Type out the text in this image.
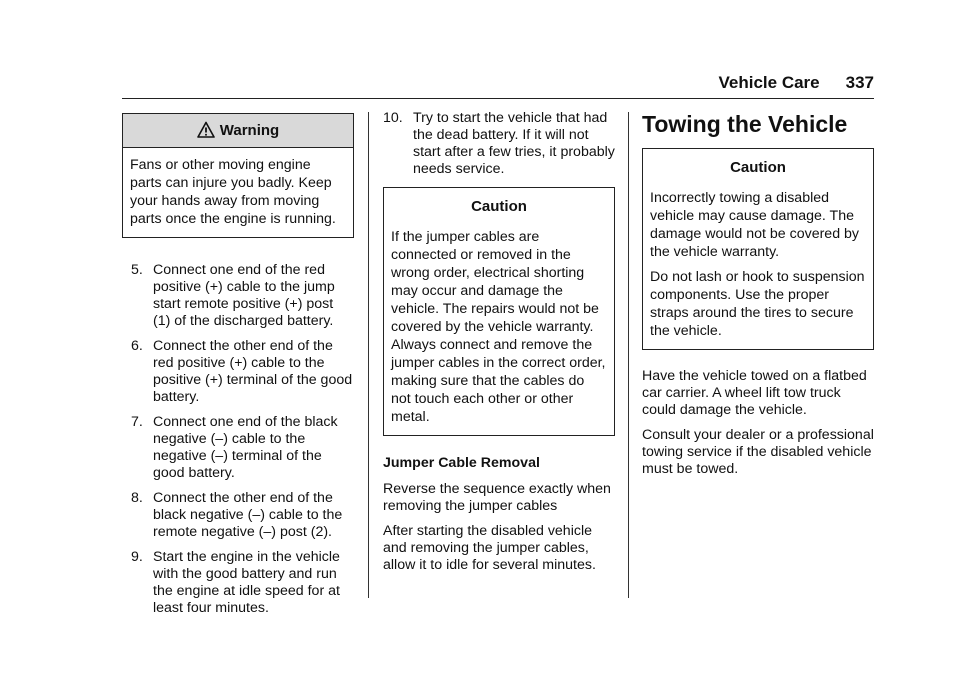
Vehicle Care 337
Warning

Fans or other moving engine parts can injure you badly. Keep your hands away from moving parts once the engine is running.

5. Connect one end of the red positive (+) cable to the jump start remote positive (+) post (1) of the discharged battery.
6. Connect the other end of the red positive (+) cable to the positive (+) terminal of the good battery.
7. Connect one end of the black negative (–) cable to the negative (–) terminal of the good battery.
8. Connect the other end of the black negative (–) cable to the remote negative (–) post (2).
9. Start the engine in the vehicle with the good battery and run the engine at idle speed for at least four minutes.
10. Try to start the vehicle that had the dead battery. If it will not start after a few tries, it probably needs service.
Caution

If the jumper cables are connected or removed in the wrong order, electrical shorting may occur and damage the vehicle. The repairs would not be covered by the vehicle warranty. Always connect and remove the jumper cables in the correct order, making sure that the cables do not touch each other or other metal.

Jumper Cable Removal

Reverse the sequence exactly when removing the jumper cables

After starting the disabled vehicle and removing the jumper cables, allow it to idle for several minutes.

Towing the Vehicle
Caution

Incorrectly towing a disabled vehicle may cause damage. The damage would not be covered by the vehicle warranty.

Do not lash or hook to suspension components. Use the proper straps around the tires to secure the vehicle.

Have the vehicle towed on a flatbed car carrier. A wheel lift tow truck could damage the vehicle.

Consult your dealer or a professional towing service if the disabled vehicle must be towed.
